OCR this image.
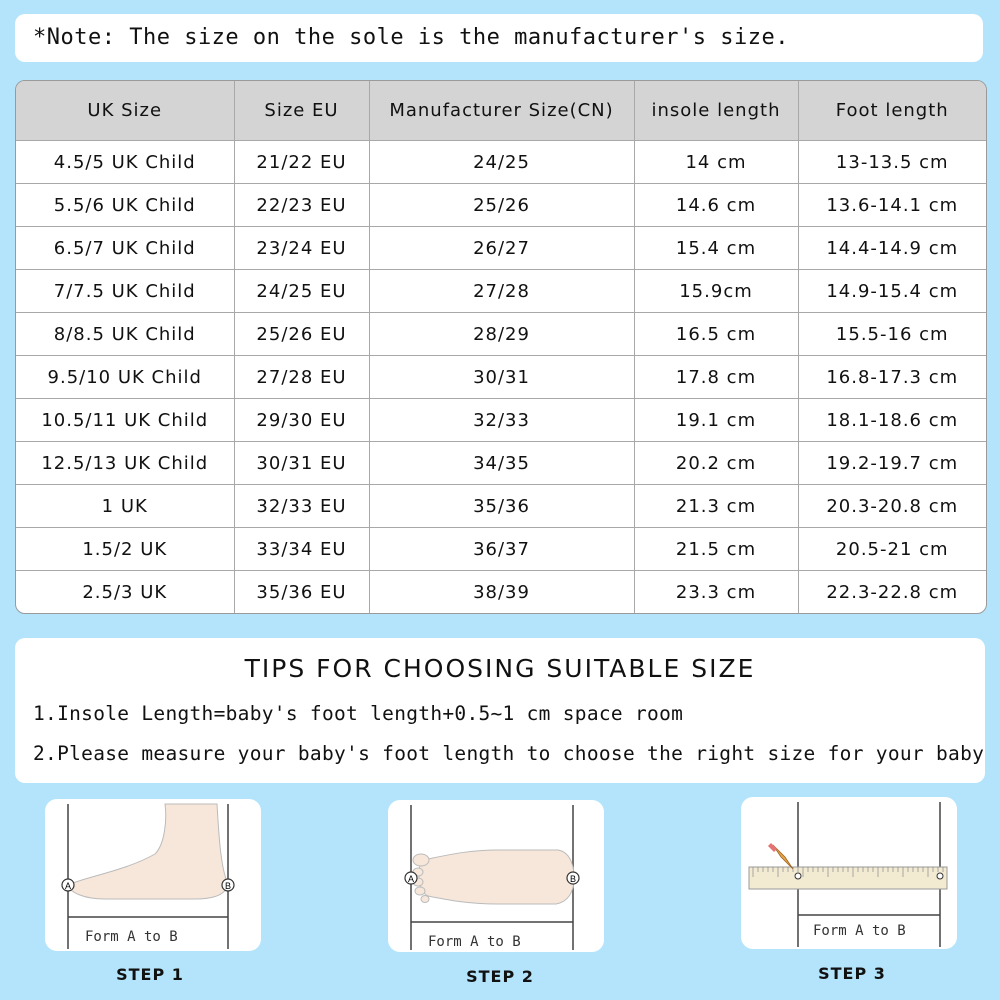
*Note: The size on the sole is the manufacturer's size.
UK Size	Size EU	Manufacturer Size(CN)	insole length	Foot length
4.5/5 UK Child	21/22 EU	24/25	14 cm	13-13.5 cm
5.5/6 UK Child	22/23 EU	25/26	14.6 cm	13.6-14.1 cm
6.5/7 UK Child	23/24 EU	26/27	15.4 cm	14.4-14.9 cm
7/7.5 UK Child	24/25 EU	27/28	15.9cm	14.9-15.4 cm
8/8.5 UK Child	25/26 EU	28/29	16.5 cm	15.5-16 cm
9.5/10 UK Child	27/28 EU	30/31	17.8 cm	16.8-17.3 cm
10.5/11 UK Child	29/30 EU	32/33	19.1 cm	18.1-18.6 cm
12.5/13 UK Child	30/31 EU	34/35	20.2 cm	19.2-19.7 cm
1 UK	32/33 EU	35/36	21.3 cm	20.3-20.8 cm
1.5/2 UK	33/34 EU	36/37	21.5 cm	20.5-21 cm
2.5/3 UK	35/36 EU	38/39	23.3 cm	22.3-22.8 cm
TIPS FOR CHOOSING SUITABLE SIZE
1.Insole Length=baby's foot length+0.5~1 cm space room
2.Please measure your baby's foot length to choose the right size for your baby
A	B
Form A to B
STEP 1
A	B
Form A to B
STEP 2
Form A to B
STEP 3
